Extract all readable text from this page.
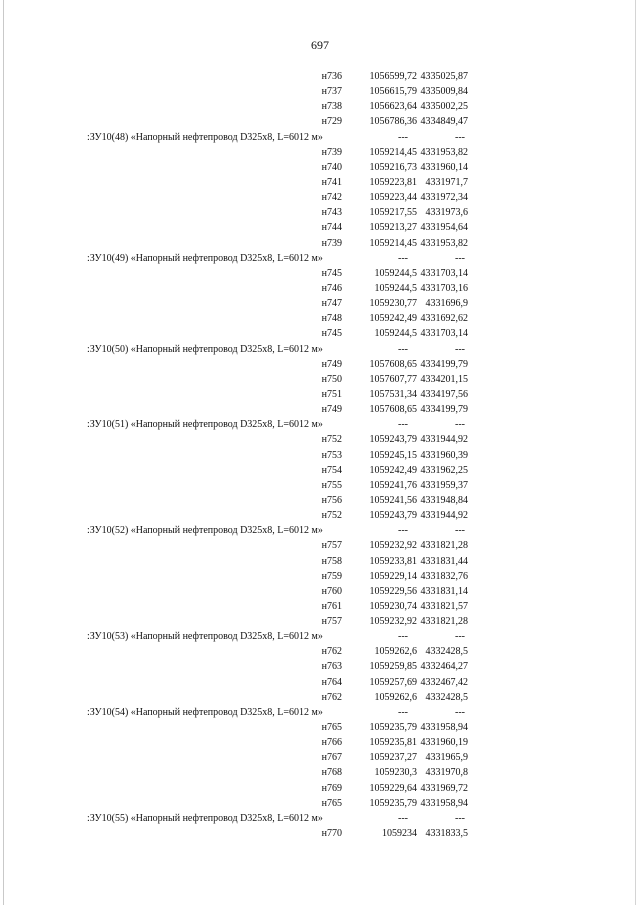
697
н736	1056599,72 4335025,87
н737	1056615,79 4335009,84
н738	1056623,64 4335002,25
н729	1056786,36 4334849,47
:ЗУ10(48) «Напорный нефтепровод D325x8, L=6012 м»	---	---
н739	1059214,45 4331953,82
н740	1059216,73 4331960,14
н741	1059223,81 4331971,7
н742	1059223,44 4331972,34
н743	1059217,55 4331973,6
н744	1059213,27 4331954,64
н739	1059214,45 4331953,82
:ЗУ10(49) «Напорный нефтепровод D325x8, L=6012 м»	---	---
н745	1059244,5 4331703,14
н746	1059244,5 4331703,16
н747	1059230,77 4331696,9
н748	1059242,49 4331692,62
н745	1059244,5 4331703,14
:ЗУ10(50) «Напорный нефтепровод D325x8, L=6012 м»	---	---
н749	1057608,65 4334199,79
н750	1057607,77 4334201,15
н751	1057531,34 4334197,56
н749	1057608,65 4334199,79
:ЗУ10(51) «Напорный нефтепровод D325x8, L=6012 м»	---	---
н752	1059243,79 4331944,92
н753	1059245,15 4331960,39
н754	1059242,49 4331962,25
н755	1059241,76 4331959,37
н756	1059241,56 4331948,84
н752	1059243,79 4331944,92
:ЗУ10(52) «Напорный нефтепровод D325x8, L=6012 м»	---	---
н757	1059232,92 4331821,28
н758	1059233,81 4331831,44
н759	1059229,14 4331832,76
н760	1059229,56 4331831,14
н761	1059230,74 4331821,57
н757	1059232,92 4331821,28
:ЗУ10(53) «Напорный нефтепровод D325x8, L=6012 м»	---	---
н762	1059262,6 4332428,5
н763	1059259,85 4332464,27
н764	1059257,69 4332467,42
н762	1059262,6 4332428,5
:ЗУ10(54) «Напорный нефтепровод D325x8, L=6012 м»	---	---
н765	1059235,79 4331958,94
н766	1059235,81 4331960,19
н767	1059237,27 4331965,9
н768	1059230,3 4331970,8
н769	1059229,64 4331969,72
н765	1059235,79 4331958,94
:ЗУ10(55) «Напорный нефтепровод D325x8, L=6012 м»	---	---
н770	1059234 4331833,5
